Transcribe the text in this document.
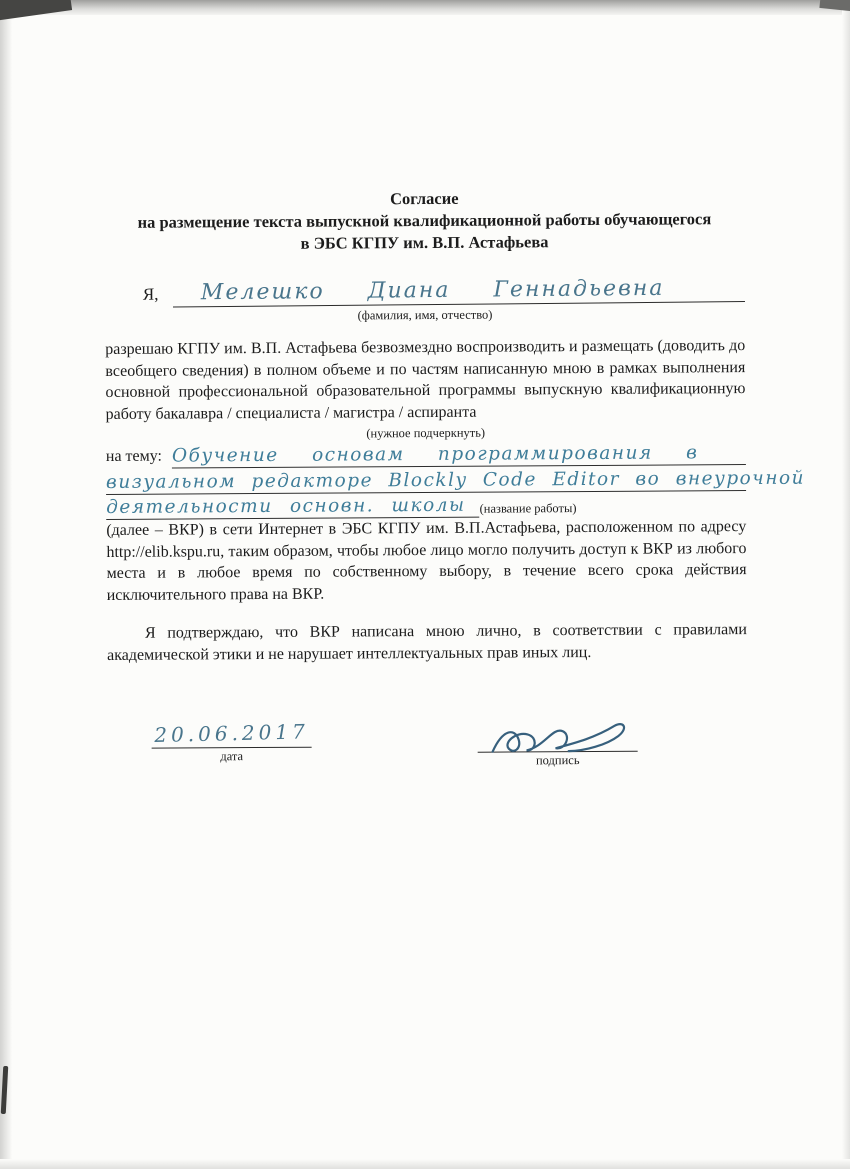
Согласие
на размещение текста выпускной квалификационной работы обучающегося
в ЭБС КГПУ им. В.П. Астафьева
Я,	Мелешко Диана Геннадьевна
(фамилия, имя, отчество)

разрешаю КГПУ им. В.П. Астафьева безвозмездно воспроизводить и размещать (доводить до всеобщего сведения) в полном объеме и по частям написанную мною в рамках выполнения основной профессиональной образовательной программы выпускную квалификационную работу бакалавра / специалиста / магистра / аспиранта

(нужное подчеркнуть)
на тему: Обучение основам программирования в
визуальном редакторе Blockly Code Editor во внеурочной
деятельности основн. школы	(название работы)

(далее – ВКР) в сети Интернет в ЭБС КГПУ им. В.П.Астафьева, расположенном по адресу http://elib.kspu.ru, таким образом, чтобы любое лицо могло получить доступ к ВКР из любого места и в любое время по собственному выбору, в течение всего срока действия исключительного права на ВКР.

Я подтверждаю, что ВКР написана мною лично, в соответствии с правилами академической этики и не нарушает интеллектуальных прав иных лиц.

20.06.2017
дата	подпись
